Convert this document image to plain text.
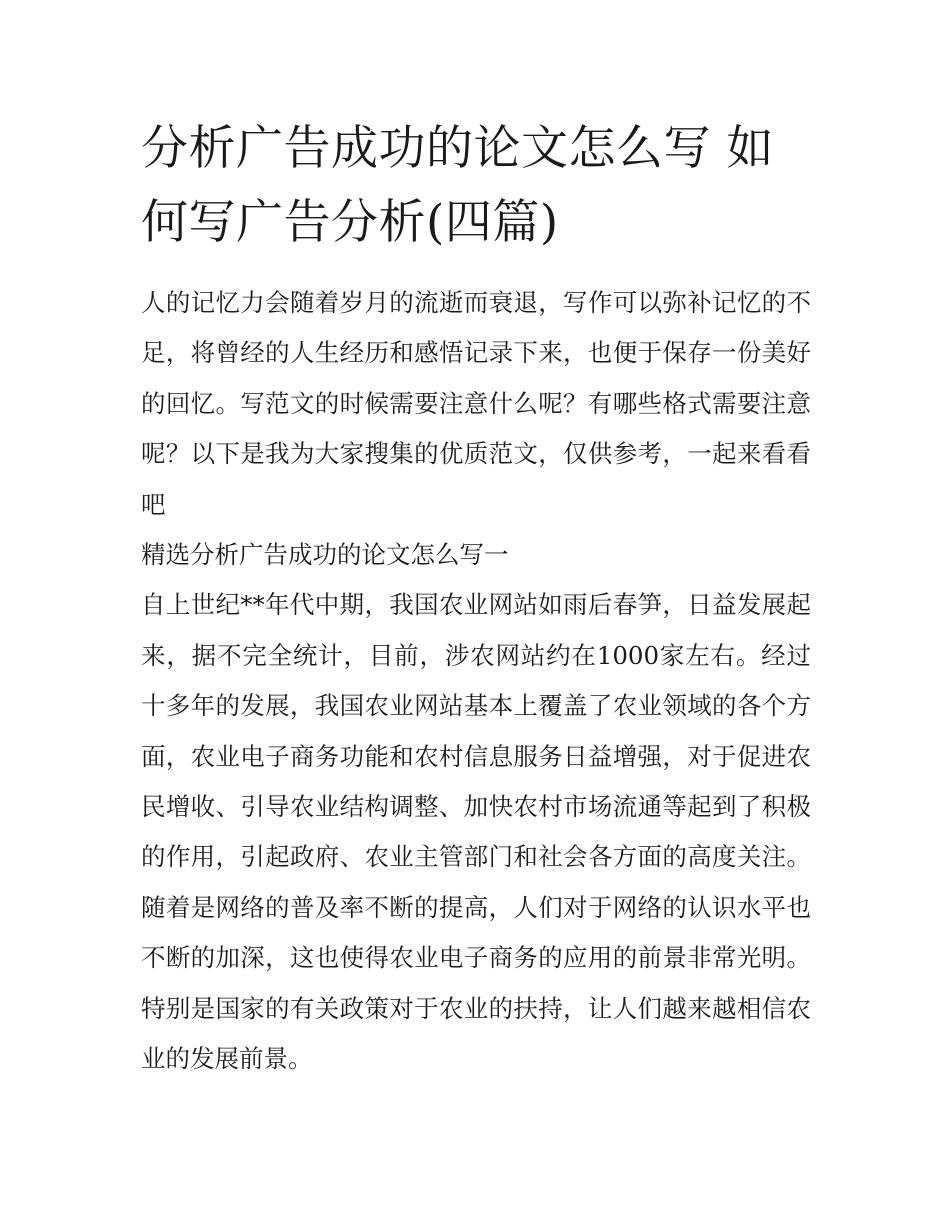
分析广告成功的论文怎么写 如何写广告分析(四篇)

人的记忆力会随着岁月的流逝而衰退，写作可以弥补记忆的不足，将曾经的人生经历和感悟记录下来，也便于保存一份美好的回忆。写范文的时候需要注意什么呢？有哪些格式需要注意呢？以下是我为大家搜集的优质范文，仅供参考，一起来看看吧

精选分析广告成功的论文怎么写一

自上世纪**年代中期，我国农业网站如雨后春笋，日益发展起来，据不完全统计，目前，涉农网站约在1000家左右。经过十多年的发展，我国农业网站基本上覆盖了农业领域的各个方面，农业电子商务功能和农村信息服务日益增强，对于促进农民增收、引导农业结构调整、加快农村市场流通等起到了积极的作用，引起政府、农业主管部门和社会各方面的高度关注。随着是网络的普及率不断的提高，人们对于网络的认识水平也不断的加深，这也使得农业电子商务的应用的前景非常光明。特别是国家的有关政策对于农业的扶持，让人们越来越相信农业的发展前景。
